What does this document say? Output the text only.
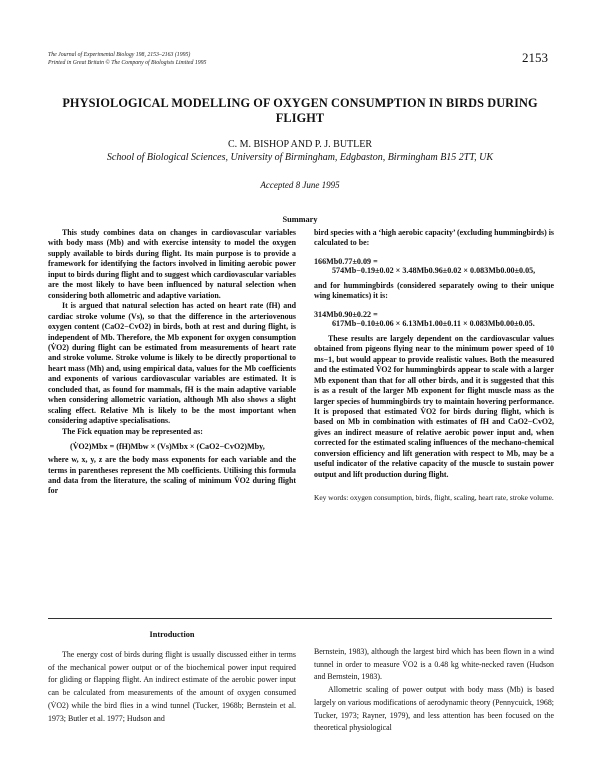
The Journal of Experimental Biology 198, 2153–2163 (1995)
Printed in Great Britain © The Company of Biologists Limited 1995	2153
PHYSIOLOGICAL MODELLING OF OXYGEN CONSUMPTION IN BIRDS DURING FLIGHT
C. M. BISHOP AND P. J. BUTLER
School of Biological Sciences, University of Birmingham, Edgbaston, Birmingham B15 2TT, UK
Accepted 8 June 1995
Summary

This study combines data on changes in cardiovascular variables with body mass (Mb) and with exercise intensity to model the oxygen supply available to birds during flight. Its main purpose is to provide a framework for identifying the factors involved in limiting aerobic power input to birds during flight and to suggest which cardiovascular variables are the most likely to have been influenced by natural selection when considering both allometric and adaptive variation.

It is argued that natural selection has acted on heart rate (fH) and cardiac stroke volume (Vs), so that the difference in the arteriovenous oxygen content (CaO2−CvO2) in birds, both at rest and during flight, is independent of Mb. Therefore, the Mb exponent for oxygen consumption (V̇O2) during flight can be estimated from measurements of heart rate and stroke volume. Stroke volume is likely to be directly proportional to heart mass (Mh) and, using empirical data, values for the Mb coefficients and exponents of various cardiovascular variables are estimated. It is concluded that, as found for mammals, fH is the main adaptive variable when considering allometric variation, although Mh also shows a slight scaling effect. Relative Mh is likely to be the most important when considering adaptive specialisations.

The Fick equation may be represented as:

(V̇O2)Mbx = (fH)Mbw × (Vs)Mbx × (CaO2−CvO2)Mby,

where w, x, y, z are the body mass exponents for each variable and the terms in parentheses represent the Mb coefficients. Utilising this formula and data from the literature, the scaling of minimum V̇O2 during flight for

bird species with a ‘high aerobic capacity’ (excluding hummingbirds) is calculated to be:

166Mb0.77±0.09 =

574Mb−0.19±0.02 × 3.48Mb0.96±0.02 × 0.083Mb0.00±0.05,

and for hummingbirds (considered separately owing to their unique wing kinematics) it is:

314Mb0.90±0.22 =

617Mb−0.10±0.06 × 6.13Mb1.00±0.11 × 0.083Mb0.00±0.05.

These results are largely dependent on the cardiovascular values obtained from pigeons flying near to the minimum power speed of 10 ms−1, but would appear to provide realistic values. Both the measured and the estimated V̇O2 for hummingbirds appear to scale with a larger Mb exponent than that for all other birds, and it is suggested that this is as a result of the larger Mb exponent for flight muscle mass as the larger species of hummingbirds try to maintain hovering performance. It is proposed that estimated V̇O2 for birds during flight, which is based on Mb in combination with estimates of fH and CaO2−CvO2, gives an indirect measure of relative aerobic power input and, when corrected for the estimated scaling influences of the mechano-chemical conversion efficiency and lift generation with respect to Mb, may be a useful indicator of the relative capacity of the muscle to sustain power output and lift production during flight.

Key words: oxygen consumption, birds, flight, scaling, heart rate, stroke volume.
Introduction

The energy cost of birds during flight is usually discussed either in terms of the mechanical power output or of the biochemical power input required for gliding or flapping flight. An indirect estimate of the aerobic power input can be calculated from measurements of the amount of oxygen consumed (V̇O2) while the bird flies in a wind tunnel (Tucker, 1968b; Bernstein et al. 1973; Butler et al. 1977; Hudson and

Bernstein, 1983), although the largest bird which has been flown in a wind tunnel in order to measure V̇O2 is a 0.48 kg white-necked raven (Hudson and Bernstein, 1983).

Allometric scaling of power output with body mass (Mb) is based largely on various modifications of aerodynamic theory (Pennycuick, 1968; Tucker, 1973; Rayner, 1979), and less attention has been focused on the theoretical physiological
